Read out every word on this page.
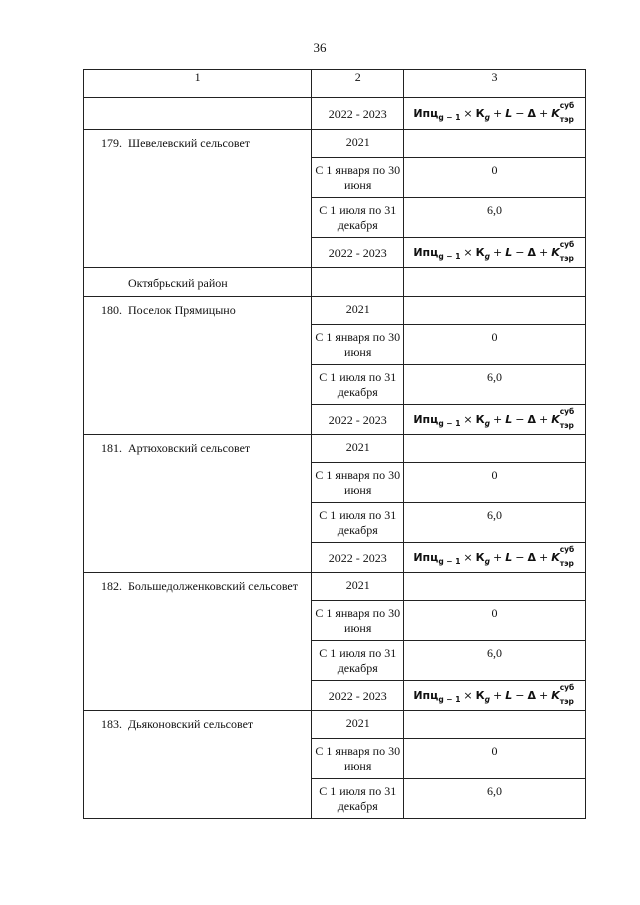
36
1	2	3
	2022 - 2023	$Ипц_{g - 1} \times К_g + L - \Delta + K$
суб
тэр

179. Шевелевский сельсовет	2021	
	С 1 января по 30 июня	0
	С 1 июля по 31 декабря	6,0
	2022 - 2023	$Ипц_{g - 1} \times К_g + L - \Delta + K$
суб
тэр

Октябрьский район		
180. Поселок Прямицыно	2021	
	С 1 января по 30 июня	0
	С 1 июля по 31 декабря	6,0
	2022 - 2023	$Ипц_{g - 1} \times К_g + L - \Delta + K$
суб
тэр

181. Артюховский сельсовет	2021	
	С 1 января по 30 июня	0
	С 1 июля по 31 декабря	6,0
	2022 - 2023	$Ипц_{g - 1} \times К_g + L - \Delta + K$
суб
тэр

182. Большедолженковский сельсовет	2021	
	С 1 января по 30 июня	0
	С 1 июля по 31 декабря	6,0
	2022 - 2023	$Ипц_{g - 1} \times К_g + L - \Delta + K$
суб
тэр

183. Дьяконовский сельсовет	2021	
	С 1 января по 30 июня	0
	С 1 июля по 31 декабря	6,0
